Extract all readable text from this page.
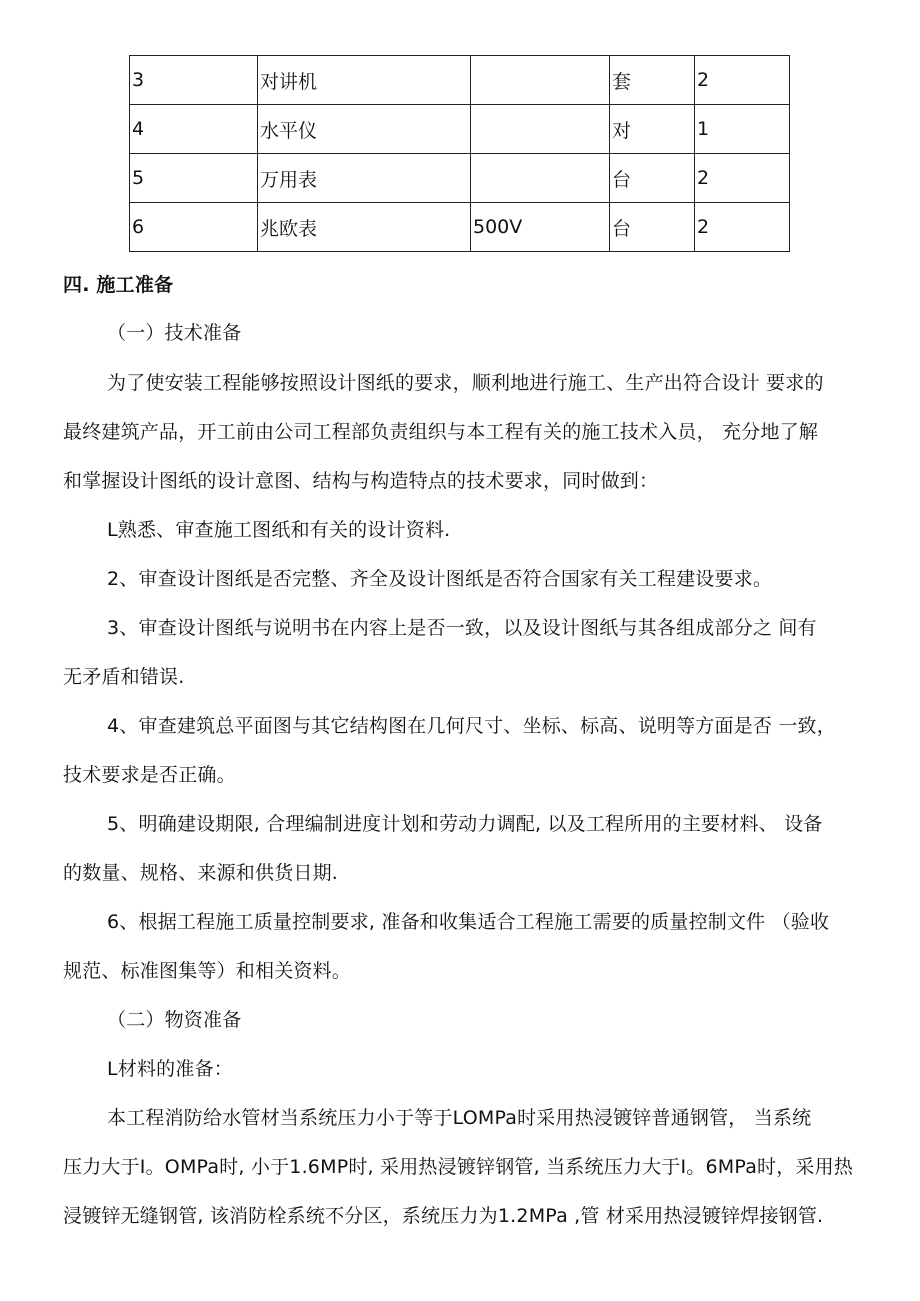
3	对讲机		套	2
4	水平仪		对	1
5	万用表		台	2
6	兆欧表	500V	台	2
四. 施工准备
（一）技术准备
为了使安装工程能够按照设计图纸的要求，顺利地进行施工、生产出符合设计 要求的
最终建筑产品，开工前由公司工程部负责组织与本工程有关的施工技术入员， 充分地了解
和掌握设计图纸的设计意图、结构与构造特点的技术要求，同时做到：
L熟悉、审查施工图纸和有关的设计资料.
2、审查设计图纸是否完整、齐全及设计图纸是否符合国家有关工程建设要求。
3、审查设计图纸与说明书在内容上是否一致，以及设计图纸与其各组成部分之 间有
无矛盾和错误.
4、审查建筑总平面图与其它结构图在几何尺寸、坐标、标高、说明等方面是否 一致，
技术要求是否正确。
5、明确建设期限, 合理编制进度计划和劳动力调配, 以及工程所用的主要材料、 设备
的数量、规格、来源和供货日期.
6、根据工程施工质量控制要求, 准备和收集适合工程施工需要的质量控制文件 （验收
规范、标准图集等）和相关资料。
（二）物资准备
L材料的准备：
本工程消防给水管材当系统压力小于等于LOMPa时采用热浸镀锌普通钢管， 当系统
压力大于I。OMPa时, 小于1.6MP时, 采用热浸镀锌钢管, 当系统压力大于I。6MPa时，采用热
浸镀锌无缝钢管, 该消防栓系统不分区，系统压力为1.2MPa ,管 材采用热浸镀锌焊接钢管.
